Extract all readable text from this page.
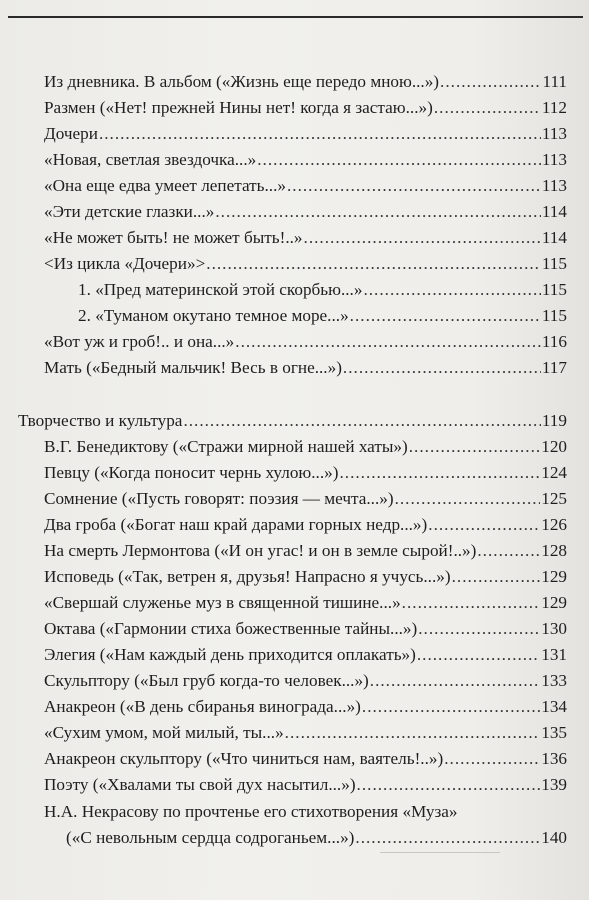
Из дневника. В альбом («Жизнь еще передо мною...») .....	111
Размен («Нет! прежней Нины нет! когда я застаю...») .....	112
Дочери .....	113
«Новая, светлая звездочка...» .....	113
«Она еще едва умеет лепетать...» .....	113
«Эти детские глазки...» .....	114
«Не может быть! не может быть!..» .....	114
<Из цикла «Дочери»> .....	115
1. «Пред материнской этой скорбью...» .....	115
2. «Туманом окутано темное море...» .....	115
«Вот уж и гроб!.. и она...» .....	116
Мать («Бедный мальчик! Весь в огне...») .....	117
Творчество и культура .....	119
В.Г. Бенедиктову («Стражи мирной нашей хаты») .....	120
Певцу («Когда поносит чернь хулою...») .....	124
Сомнение («Пусть говорят: поэзия — мечта...») .....	125
Два гроба («Богат наш край дарами горных недр...») .....	126
На смерть Лермонтова («И он угас! и он в земле сырой!..») .....	128
Исповедь («Так, ветрен я, друзья! Напрасно я учусь...») .....	129
«Свершай служенье муз в священной тишине...» .....	129
Октава («Гармонии стиха божественные тайны...») .....	130
Элегия («Нам каждый день приходится оплакать») .....	131
Скульптору («Был груб когда-то человек...») .....	133
Анакреон («В день сбиранья винограда...») .....	134
«Сухим умом, мой милый, ты...» .....	135
Анакреон скульптору («Что чиниться нам, ваятель!..») .....	136
Поэту («Хвалами ты свой дух насытил...») .....	139
Н.А. Некрасову по прочтенье его стихотворения «Муза»
(«С невольным сердца содроганьем...») .....	140
